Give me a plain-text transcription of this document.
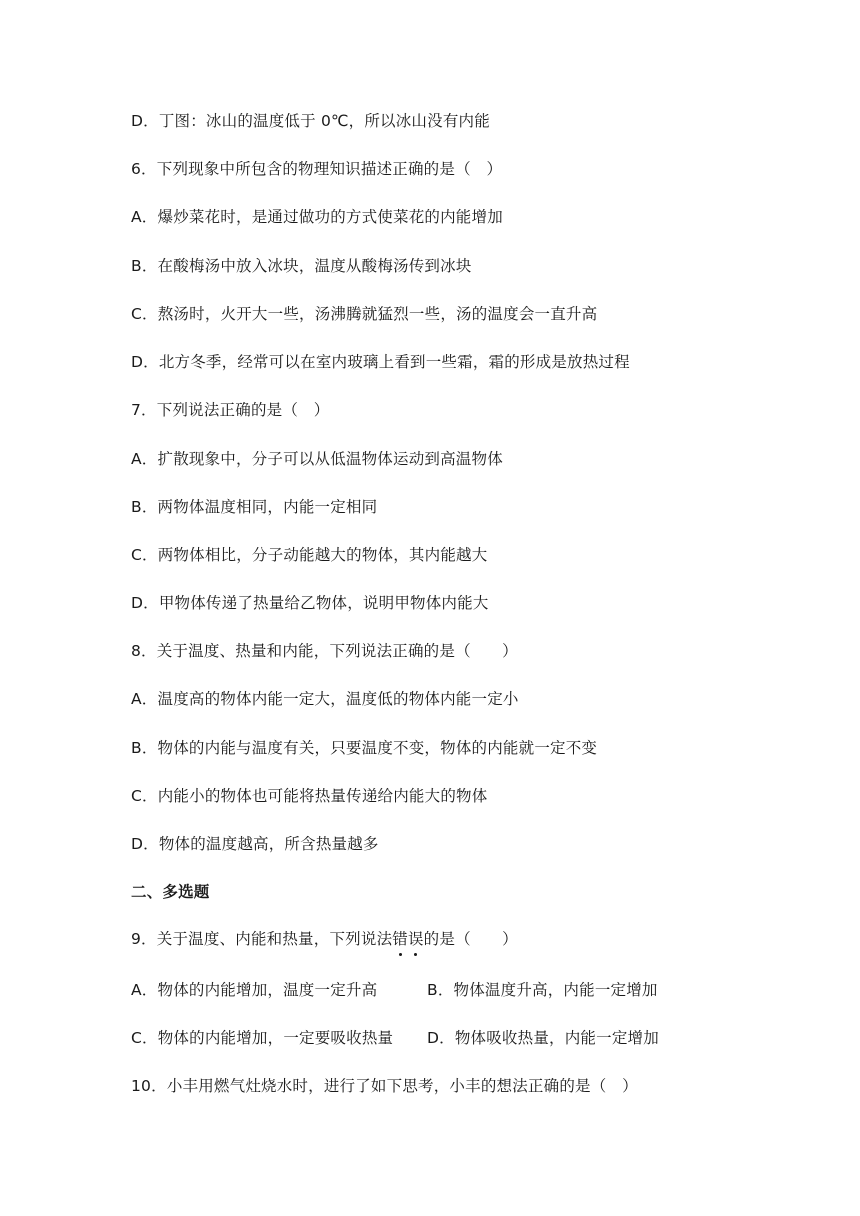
D．丁图：冰山的温度低于 0℃，所以冰山没有内能
6．下列现象中所包含的物理知识描述正确的是（　）
A．爆炒菜花时，是通过做功的方式使菜花的内能增加
B．在酸梅汤中放入冰块，温度从酸梅汤传到冰块
C．熬汤时，火开大一些，汤沸腾就猛烈一些，汤的温度会一直升高
D．北方冬季，经常可以在室内玻璃上看到一些霜，霜的形成是放热过程
7．下列说法正确的是（　）
A．扩散现象中，分子可以从低温物体运动到高温物体
B．两物体温度相同，内能一定相同
C．两物体相比，分子动能越大的物体，其内能越大
D．甲物体传递了热量给乙物体，说明甲物体内能大
8．关于温度、热量和内能，下列说法正确的是（　　）
A．温度高的物体内能一定大，温度低的物体内能一定小
B．物体的内能与温度有关，只要温度不变，物体的内能就一定不变
C．内能小的物体也可能将热量传递给内能大的物体
D．物体的温度越高，所含热量越多
二、多选题
9．关于温度、内能和热量，下列说法错
误
的是（　　）
A．物体的内能增加，温度一定升高	B．物体温度升高，内能一定增加
C．物体的内能增加，一定要吸收热量 D．物体吸收热量，内能一定增加
10．小丰用燃气灶烧水时，进行了如下思考，小丰的想法正确的是（　）
